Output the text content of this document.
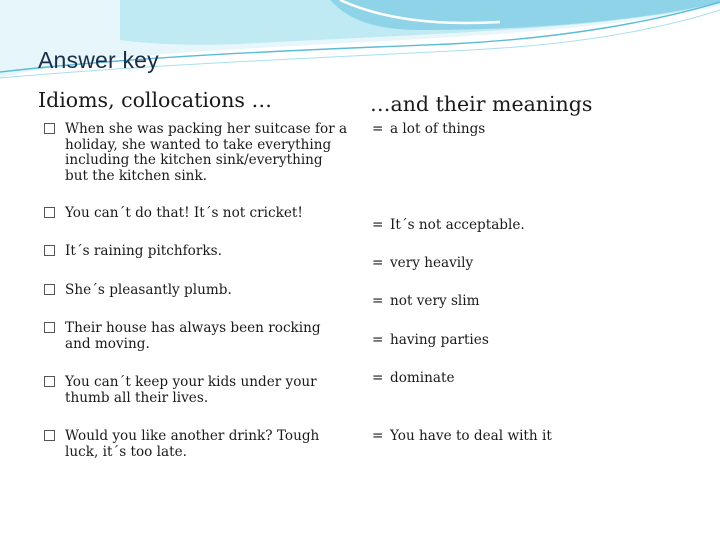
Answer key
Idioms, collocations …	…and their meanings
When she was packing her suitcase for a holiday, she wanted to take everything including the kitchen sink/everything but the kitchen sink.
You can´t do that! It´s not cricket!
It´s raining pitchforks.
She´s pleasantly plumb.
Their house has always been rocking and moving.
You can´t keep your kids under your thumb all their lives.
Would you like another drink? Tough luck, it´s too late.
= a lot of things
= It´s not acceptable.
= very heavily
= not very slim
= having parties
= dominate
= You have to deal with it
